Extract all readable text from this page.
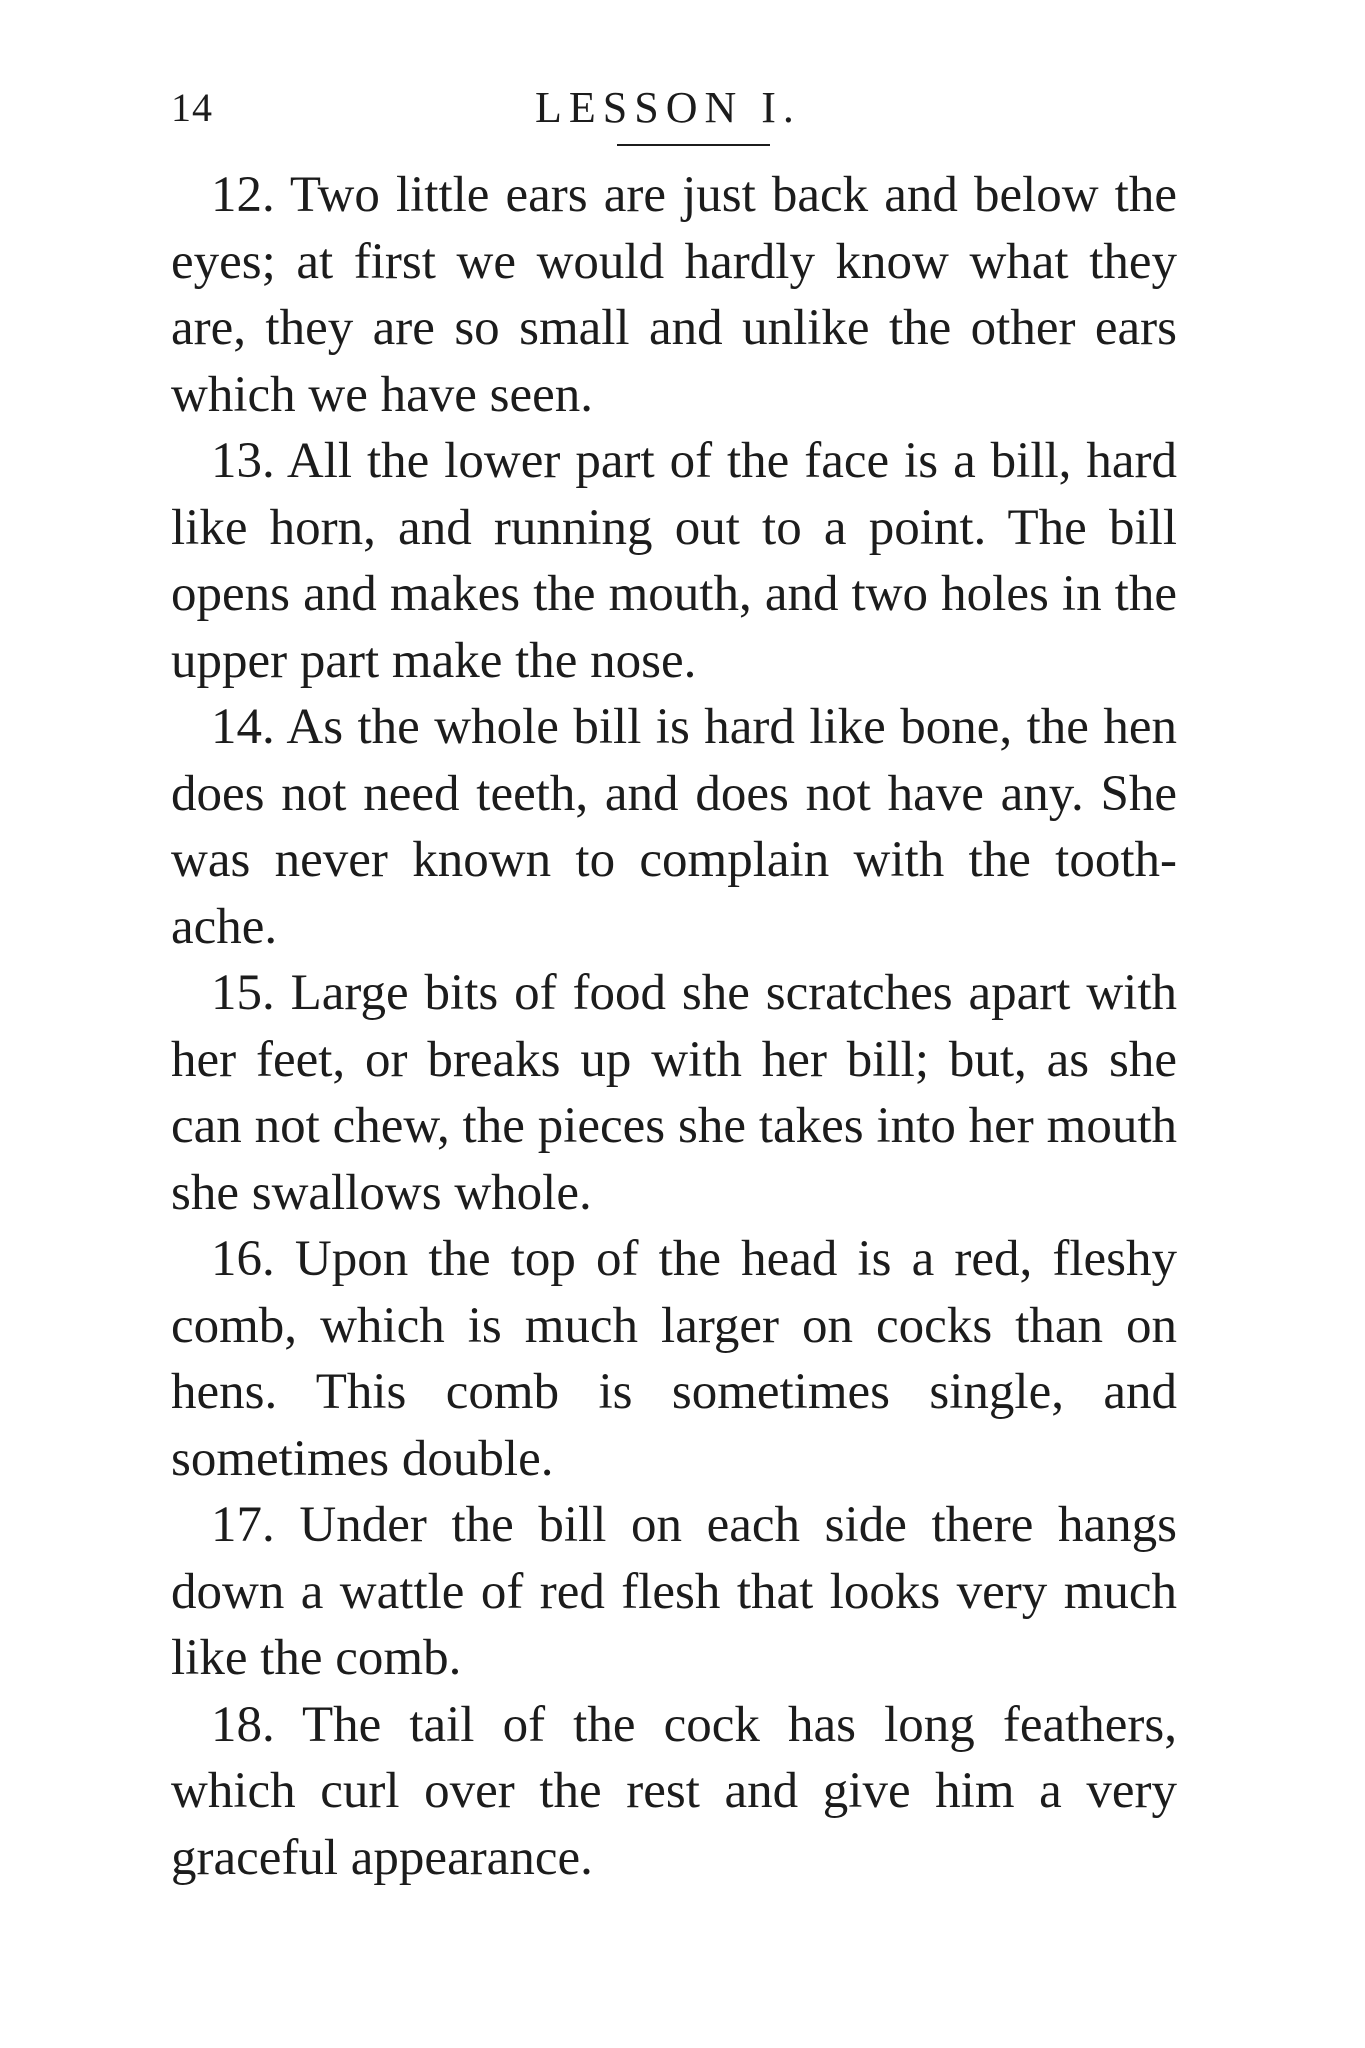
14	LESSON I.

12. Two little ears are just back and below the eyes; at first we would hardly know what they are, they are so small and unlike the other ears which we have seen.

13. All the lower part of the face is a bill, hard like horn, and running out to a point. The bill opens and makes the mouth, and two holes in the upper part make the nose.

14. As the whole bill is hard like bone, the hen does not need teeth, and does not have any. She was never known to complain with the tooth-ache.

15. Large bits of food she scratches apart with her feet, or breaks up with her bill; but, as she can not chew, the pieces she takes into her mouth she swallows whole.

16. Upon the top of the head is a red, fleshy comb, which is much larger on cocks than on hens. This comb is sometimes single, and sometimes double.

17. Under the bill on each side there hangs down a wattle of red flesh that looks very much like the comb.

18. The tail of the cock has long feathers, which curl over the rest and give him a very graceful appearance.
